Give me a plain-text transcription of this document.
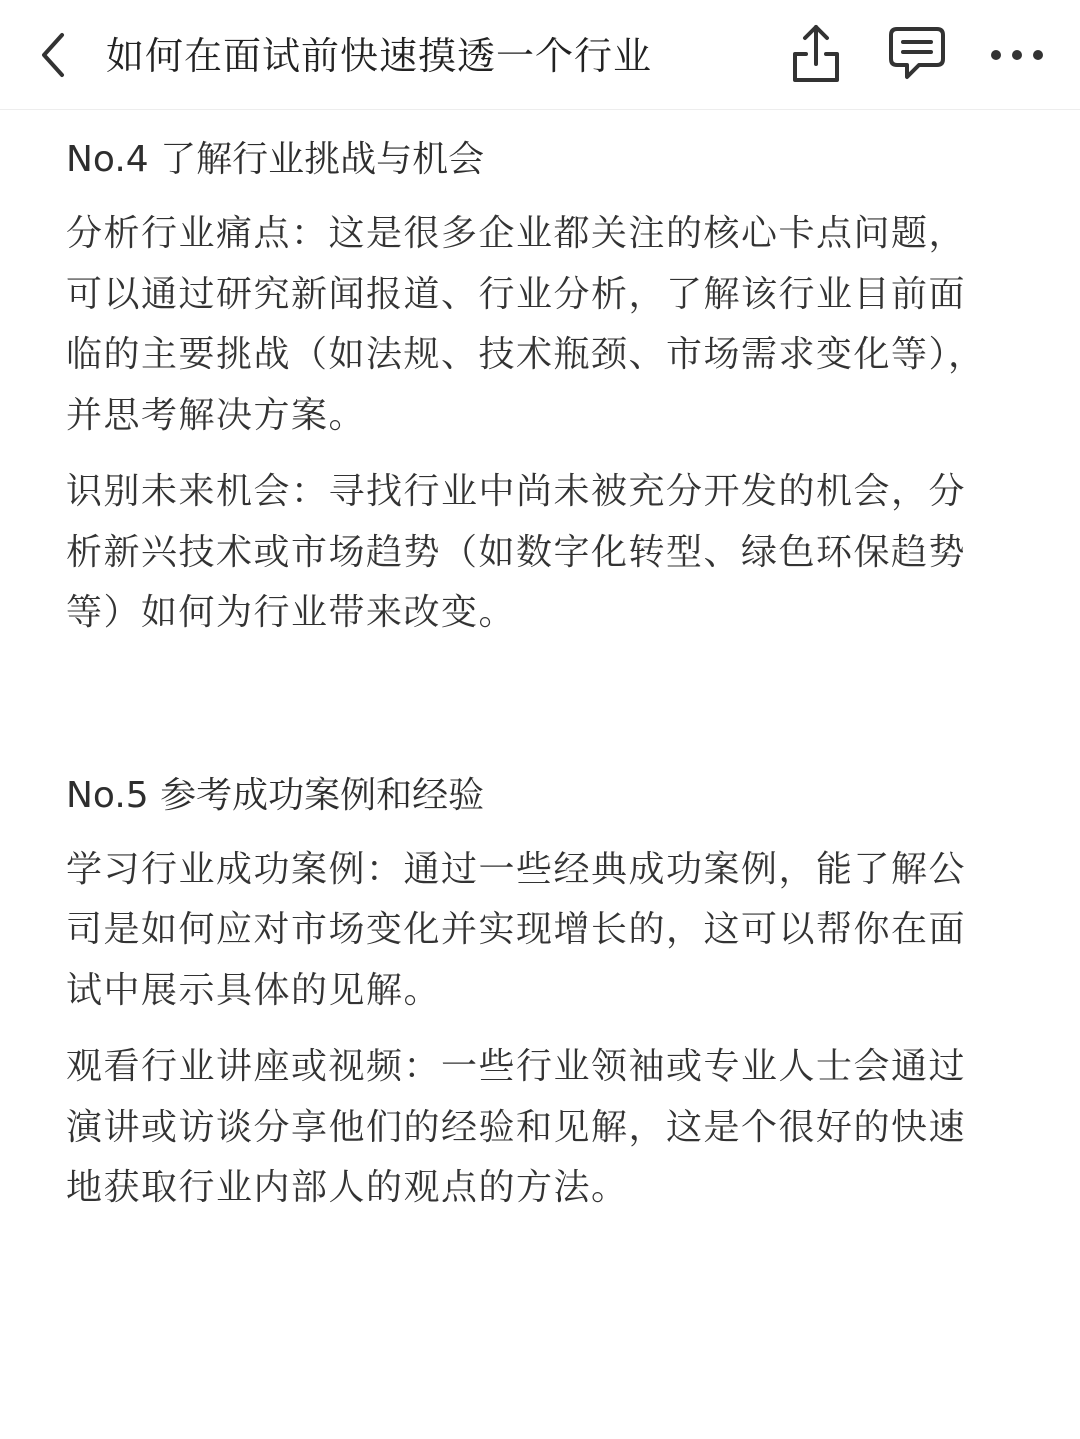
如何在面试前快速摸透一个行业
No.4 了解行业挑战与机会

分析行业痛点：这是很多企业都关注的核心卡点问题，可以通过研究新闻报道、行业分析，了解该行业目前面临的主要挑战（如法规、技术瓶颈、市场需求变化等），并思考解决方案。

识别未来机会：寻找行业中尚未被充分开发的机会，分析新兴技术或市场趋势（如数字化转型、绿色环保趋势等）如何为行业带来改变。

No.5 参考成功案例和经验

学习行业成功案例：通过一些经典成功案例，能了解公司是如何应对市场变化并实现增长的，这可以帮你在面试中展示具体的见解。

观看行业讲座或视频：一些行业领袖或专业人士会通过演讲或访谈分享他们的经验和见解，这是个很好的快速地获取行业内部人的观点的方法。
